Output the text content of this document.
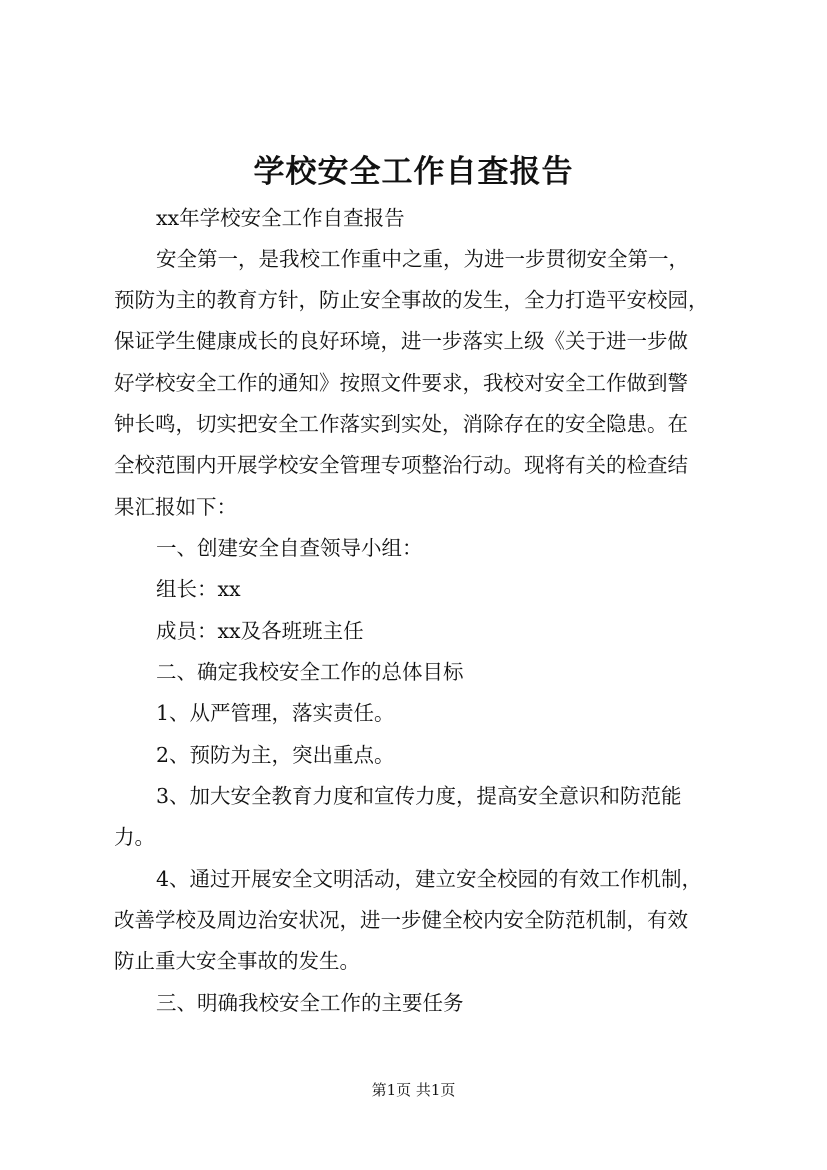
学校安全工作自查报告
xx年学校安全工作自查报告
安全第一，是我校工作重中之重，为进一步贯彻安全第一，
预防为主的教育方针，防止安全事故的发生，全力打造平安校园，
保证学生健康成长的良好环境，进一步落实上级《关于进一步做
好学校安全工作的通知》按照文件要求，我校对安全工作做到警
钟长鸣，切实把安全工作落实到实处，消除存在的安全隐患。在
全校范围内开展学校安全管理专项整治行动。现将有关的检查结
果汇报如下：
一、创建安全自查领导小组：
组长：xx
成员：xx及各班班主任
二、确定我校安全工作的总体目标
1、从严管理，落实责任。
2、预防为主，突出重点。
3、加大安全教育力度和宣传力度，提高安全意识和防范能
力。
4、通过开展安全文明活动，建立安全校园的有效工作机制，
改善学校及周边治安状况，进一步健全校内安全防范机制，有效
防止重大安全事故的发生。
三、明确我校安全工作的主要任务
第1页 共1页
